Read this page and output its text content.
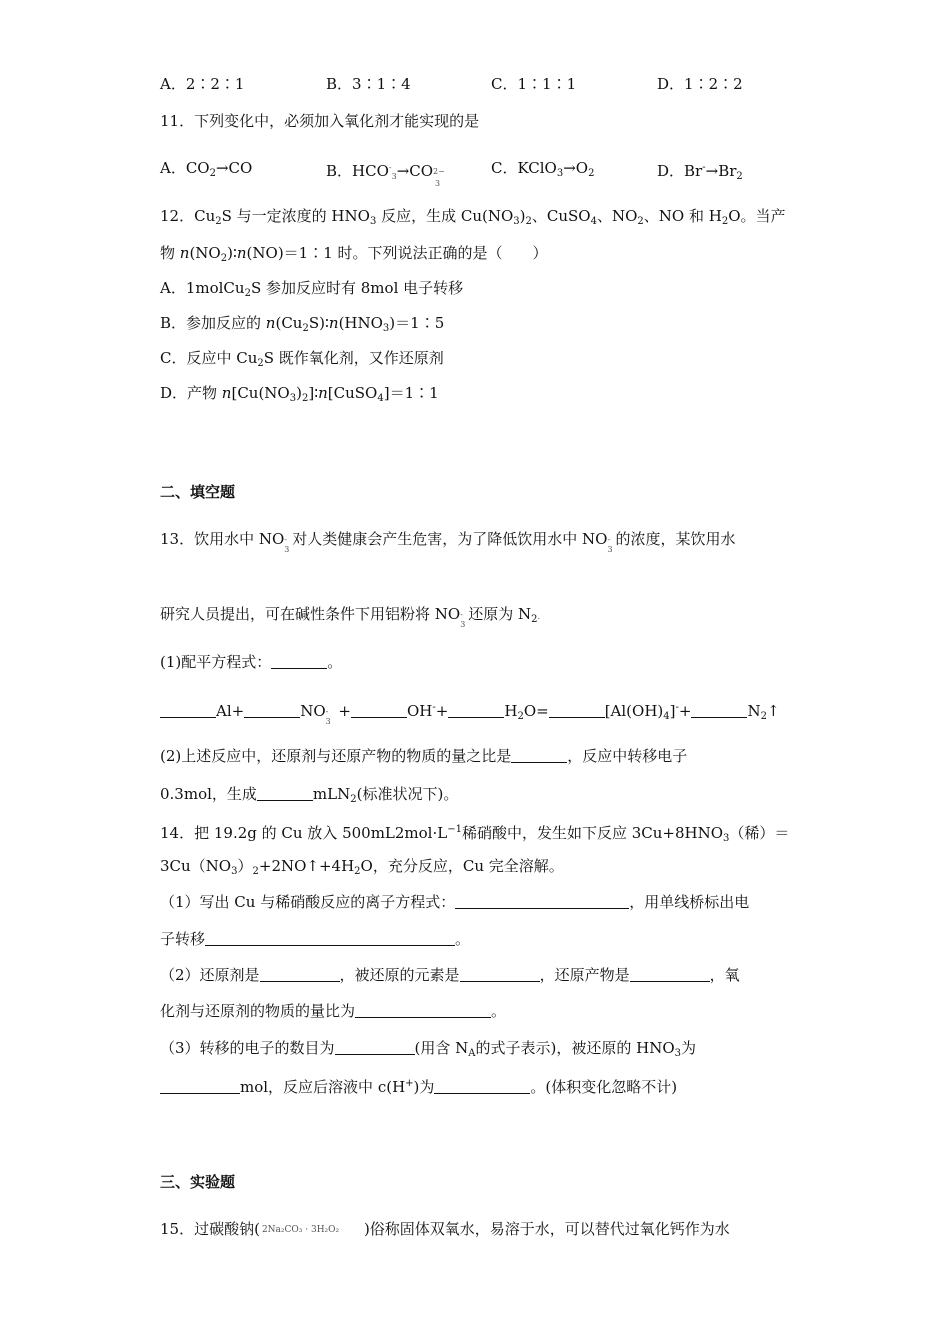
A．2∶2∶1	B．3∶1∶4	C．1∶1∶1	D．1∶2∶2
11．下列变化中，必须加入氧化剂才能实现的是
A．$CO_2\to CO$	B．$HCO^-_3\to CO$ 2−
3
C．$KClO_3\to O_2$	D．$Br^-\to Br_2$
12．$Cu_2S$ 与一定浓度的 $HNO_3$ 反应，生成 $Cu(NO_3)_2$、CuSO$_4$、$NO_2$、NO 和 $H_2O$。当产
物 $n(NO_2)∶n(NO)=1∶1$ 时。下列说法正确的是（　　）
A．1molCu$_2$S 参加反应时有 8mol 电子转移
B．参加反应的 $n(Cu_2S)∶n(HNO_3)=1∶5$
C．反应中 $Cu_2S$ 既作氧化剂，又作还原剂
D．产物 $n[Cu(NO_3)_2]∶n[CuSO_4]=1∶1$
二、填空题
13．饮用水中 NO -
3
对人类健康会产生危害，为了降低饮用水中 NO -
3
的浓度，某饮用水
研究人员提出，可在碱性条件下用铝粉将 NO -
3
还原为 $N_2$.
(1)配平方程式：	。
Al+	NO -
3
+	OH-+	$H_2O=$	$[Al(OH)_4]^-+$	$N_2↑$
(2)上述反应中，还原剂与还原产物的物质的量之比是	，反应中转移电子
0.3mol，生成	mLN$_2$(标准状况下)。
14．把 19.2g 的 Cu 放入 $500mL2mol\cdot L^{-1}$稀硝酸中，发生如下反应 $3Cu+8HNO_3$（稀）＝
$3Cu(NO_3)_2+2NO↑+4H_2O$，充分反应，Cu 完全溶解。
（1）写出 Cu 与稀硝酸反应的离子方程式：	，用单线桥标出电
子转移	。
（2）还原剂是	，被还原的元素是	，还原产物是	，氧
化剂与还原剂的物质的量比为	。
（3）转移的电子的数目为	(用含 $N_A$的式子表示)，被还原的 $HNO_3$为
mol，反应后溶液中 c(H+)为	。(体积变化忽略不计)
三、实验题
15．过碳酸钠( 2Na₂CO₃ · 3H₂O₂ )俗称固体双氧水，易溶于水，可以替代过氧化钙作为水
